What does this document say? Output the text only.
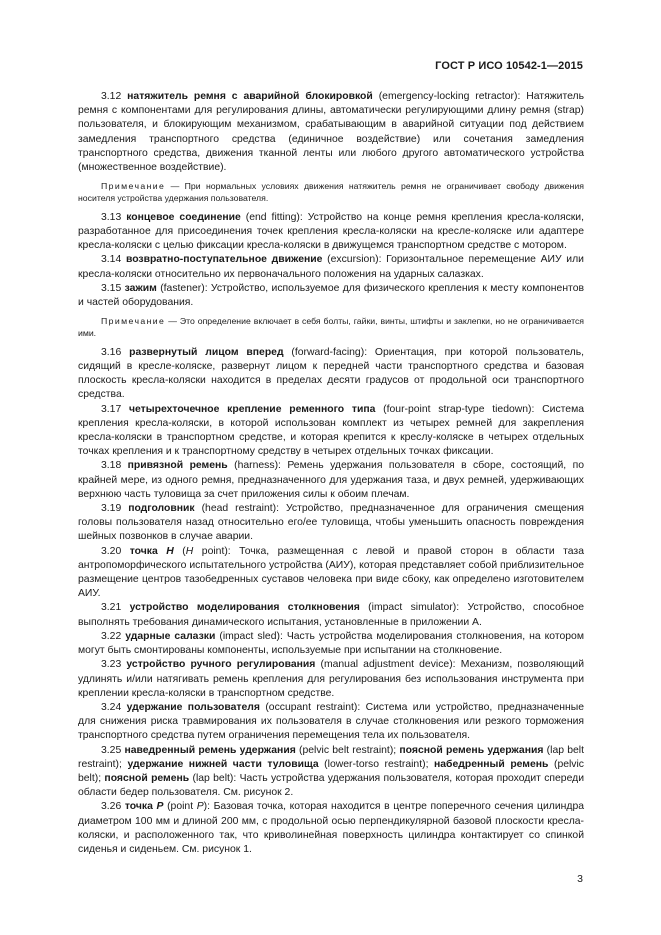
ГОСТ Р ИСО 10542-1—2015

3.12 натяжитель ремня с аварийной блокировкой (emergency-locking retractor): Натяжитель ремня с компонентами для регулирования длины, автоматически регулирующими длину ремня (strap) пользователя, и блокирующим механизмом, срабатывающим в аварийной ситуации под действием замедления транспортного средства (единичное воздействие) или сочетания замедления транспортного средства, движения тканной ленты или любого другого автоматического устройства (множественное воздействие).

Примечание — При нормальных условиях движения натяжитель ремня не ограничивает свободу движения носителя устройства удержания пользователя.

3.13 концевое соединение (end fitting): Устройство на конце ремня крепления кресла-коляски, разработанное для присоединения точек крепления кресла-коляски на кресле-коляске или адаптере кресла-коляски с целью фиксации кресла-коляски в движущемся транспортном средстве с мотором.

3.14 возвратно-поступательное движение (excursion): Горизонтальное перемещение АИУ или кресла-коляски относительно их первоначального положения на ударных салазках.

3.15 зажим (fastener): Устройство, используемое для физического крепления к месту компонентов и частей оборудования.

Примечание — Это определение включает в себя болты, гайки, винты, штифты и заклепки, но не ограничивается ими.

3.16 развернутый лицом вперед (forward-facing): Ориентация, при которой пользователь, сидящий в кресле-коляске, развернут лицом к передней части транспортного средства и базовая плоскость кресла-коляски находится в пределах десяти градусов от продольной оси транспортного средства.

3.17 четырехточечное крепление ременного типа (four-point strap-type tiedown): Система крепления кресла-коляски, в которой использован комплект из четырех ремней для закрепления кресла-коляски в транспортном средстве, и которая крепится к креслу-коляске в четырех отдельных точках крепления и к транспортному средству в четырех отдельных точках фиксации.

3.18 привязной ремень (harness): Ремень удержания пользователя в сборе, состоящий, по крайней мере, из одного ремня, предназначенного для удержания таза, и двух ремней, удерживающих верхнюю часть туловища за счет приложения силы к обоим плечам.

3.19 подголовник (head restraint): Устройство, предназначенное для ограничения смещения головы пользователя назад относительно его/ее туловища, чтобы уменьшить опасность повреждения шейных позвонков в случае аварии.

3.20 точка Н (Н point): Точка, размещенная с левой и правой сторон в области таза антропоморфического испытательного устройства (АИУ), которая представляет собой приблизительное размещение центров тазобедренных суставов человека при виде сбоку, как определено изготовителем АИУ.

3.21 устройство моделирования столкновения (impact simulator): Устройство, способное выполнять требования динамического испытания, установленные в приложении А.

3.22 ударные салазки (impact sled): Часть устройства моделирования столкновения, на котором могут быть смонтированы компоненты, используемые при испытании на столкновение.

3.23 устройство ручного регулирования (manual adjustment device): Механизм, позволяющий удлинять и/или натягивать ремень крепления для регулирования без использования инструмента при креплении кресла-коляски в транспортном средстве.

3.24 удержание пользователя (occupant restraint): Система или устройство, предназначенные для снижения риска травмирования их пользователя в случае столкновения или резкого торможения транспортного средства путем ограничения перемещения тела их пользователя.

3.25 наведренный ремень удержания (pelvic belt restraint); поясной ремень удержания (lap belt restraint); удержание нижней части туловища (lower-torso restraint); набедренный ремень (pelvic belt); поясной ремень (lap belt): Часть устройства удержания пользователя, которая проходит спереди области бедер пользователя. См. рисунок 2.

3.26 точка Р (point P): Базовая точка, которая находится в центре поперечного сечения цилиндра диаметром 100 мм и длиной 200 мм, с продольной осью перпендикулярной базовой плоскости кресла-коляски, и расположенного так, что криволинейная поверхность цилиндра контактирует со спинкой сиденья и сиденьем. См. рисунок 1.

3
